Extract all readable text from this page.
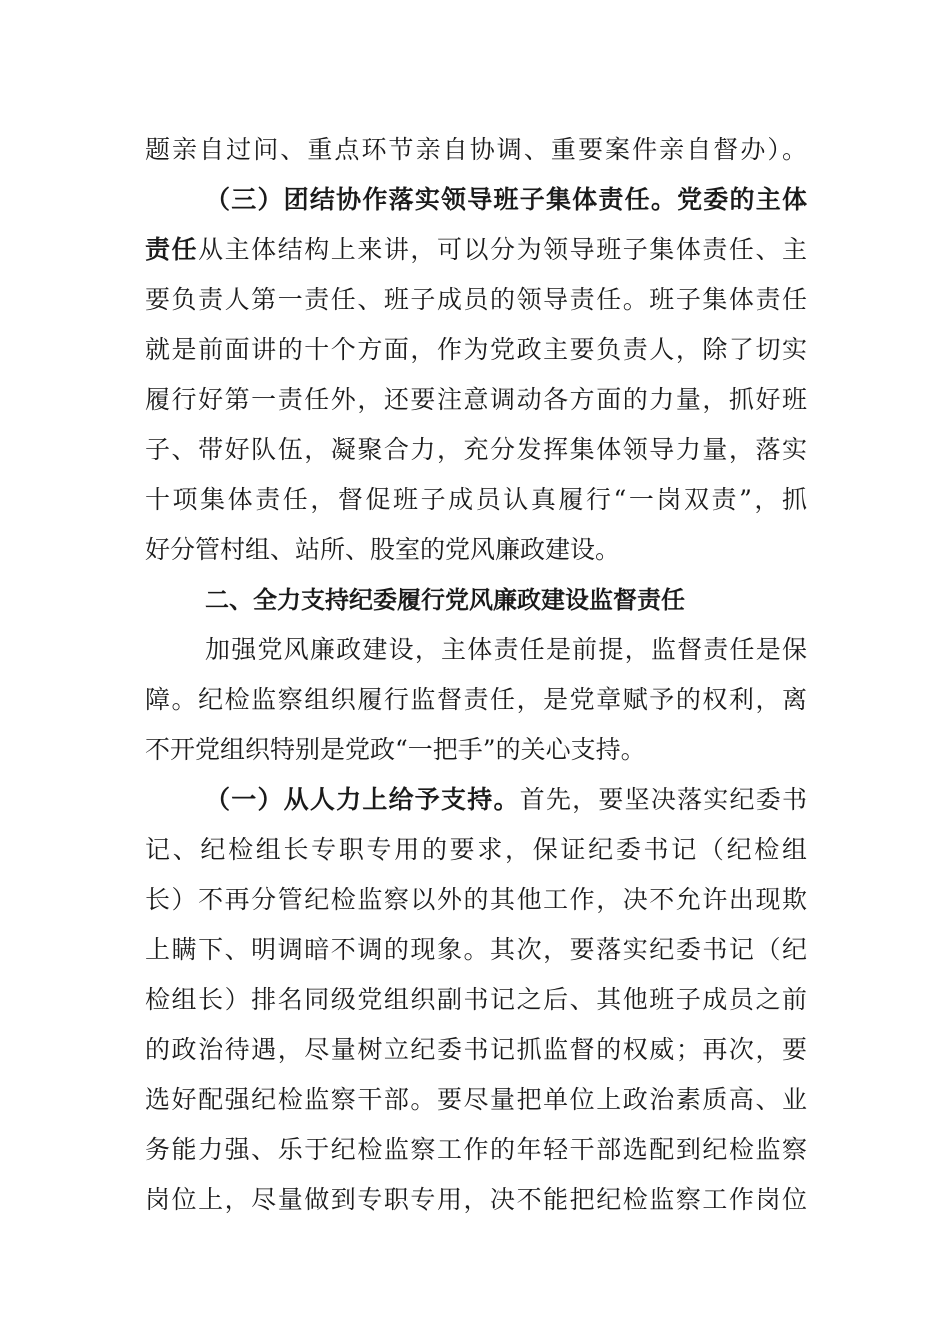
题亲自过问、重点环节亲自协调、重要案件亲自督办）。
（三）团结协作落实领导班子集体责任。党委的主体
责任从主体结构上来讲，可以分为领导班子集体责任、主
要负责人第一责任、班子成员的领导责任。班子集体责任
就是前面讲的十个方面，作为党政主要负责人，除了切实
履行好第一责任外，还要注意调动各方面的力量，抓好班
子、带好队伍，凝聚合力，充分发挥集体领导力量，落实
十项集体责任，督促班子成员认真履行“一岗双责”，抓
好分管村组、站所、股室的党风廉政建设。
二、全力支持纪委履行党风廉政建设监督责任
加强党风廉政建设，主体责任是前提，监督责任是保
障。纪检监察组织履行监督责任，是党章赋予的权利，离
不开党组织特别是党政“一把手”的关心支持。
（一）从人力上给予支持。首先，要坚决落实纪委书
记、纪检组长专职专用的要求，保证纪委书记（纪检组
长）不再分管纪检监察以外的其他工作，决不允许出现欺
上瞒下、明调暗不调的现象。其次，要落实纪委书记（纪
检组长）排名同级党组织副书记之后、其他班子成员之前
的政治待遇，尽量树立纪委书记抓监督的权威；再次，要
选好配强纪检监察干部。要尽量把单位上政治素质高、业
务能力强、乐于纪检监察工作的年轻干部选配到纪检监察
岗位上，尽量做到专职专用，决不能把纪检监察工作岗位
